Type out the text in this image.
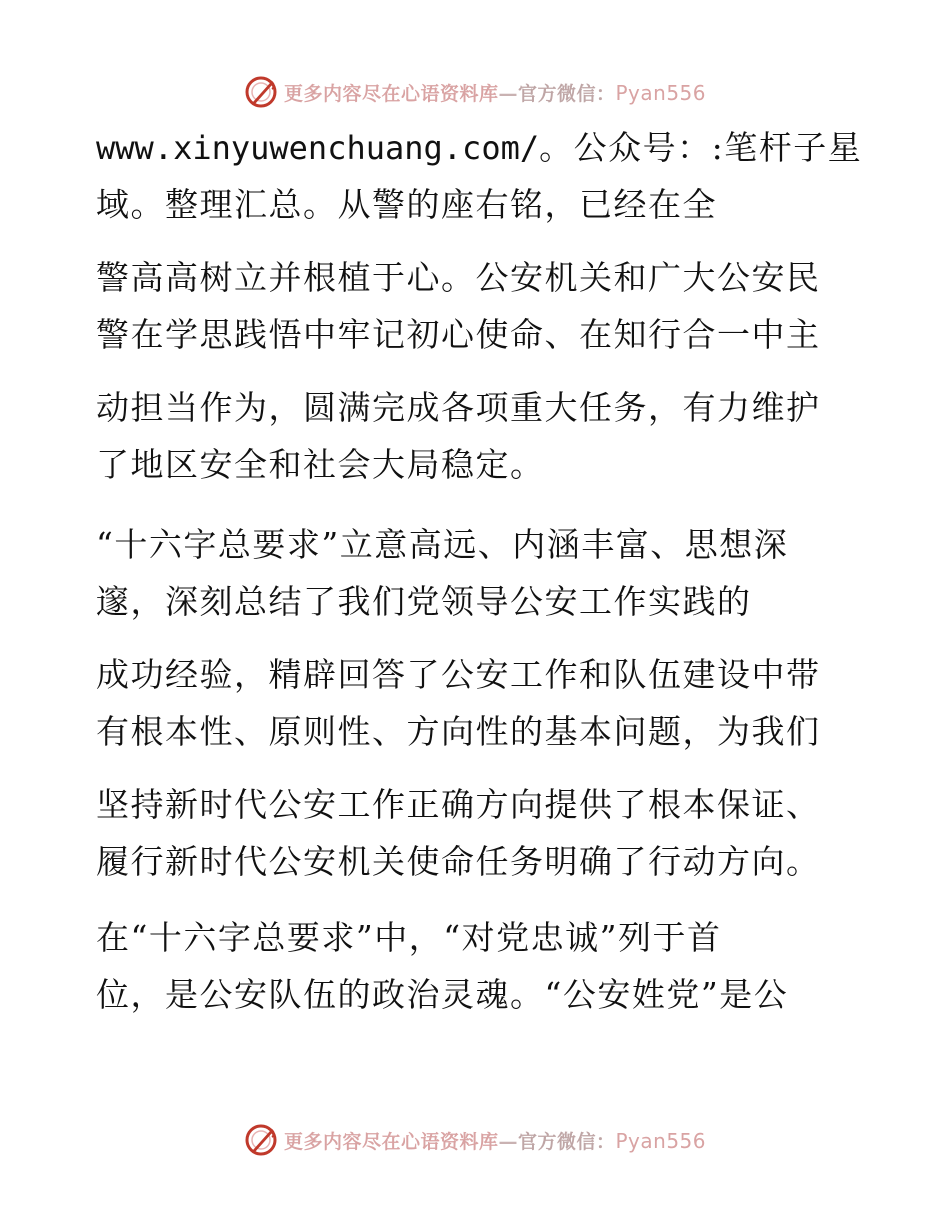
更多内容尽在心语资料库—官方微信：Pyan556
www.xinyuwenchuang.com/。公众号：:笔杆子星
域。整理汇总。从警的座右铭，已经在全
警高高树立并根植于心。公安机关和广大公安民
警在学思践悟中牢记初心使命、在知行合一中主
动担当作为，圆满完成各项重大任务，有力维护
了地区安全和社会大局稳定。
“十六字总要求”立意高远、内涵丰富、思想深
邃，深刻总结了我们党领导公安工作实践的
成功经验，精辟回答了公安工作和队伍建设中带
有根本性、原则性、方向性的基本问题，为我们
坚持新时代公安工作正确方向提供了根本保证、
履行新时代公安机关使命任务明确了行动方向。
在“十六字总要求”中，“对党忠诚”列于首
位，是公安队伍的政治灵魂。“公安姓党”是公
更多内容尽在心语资料库—官方微信：Pyan556
